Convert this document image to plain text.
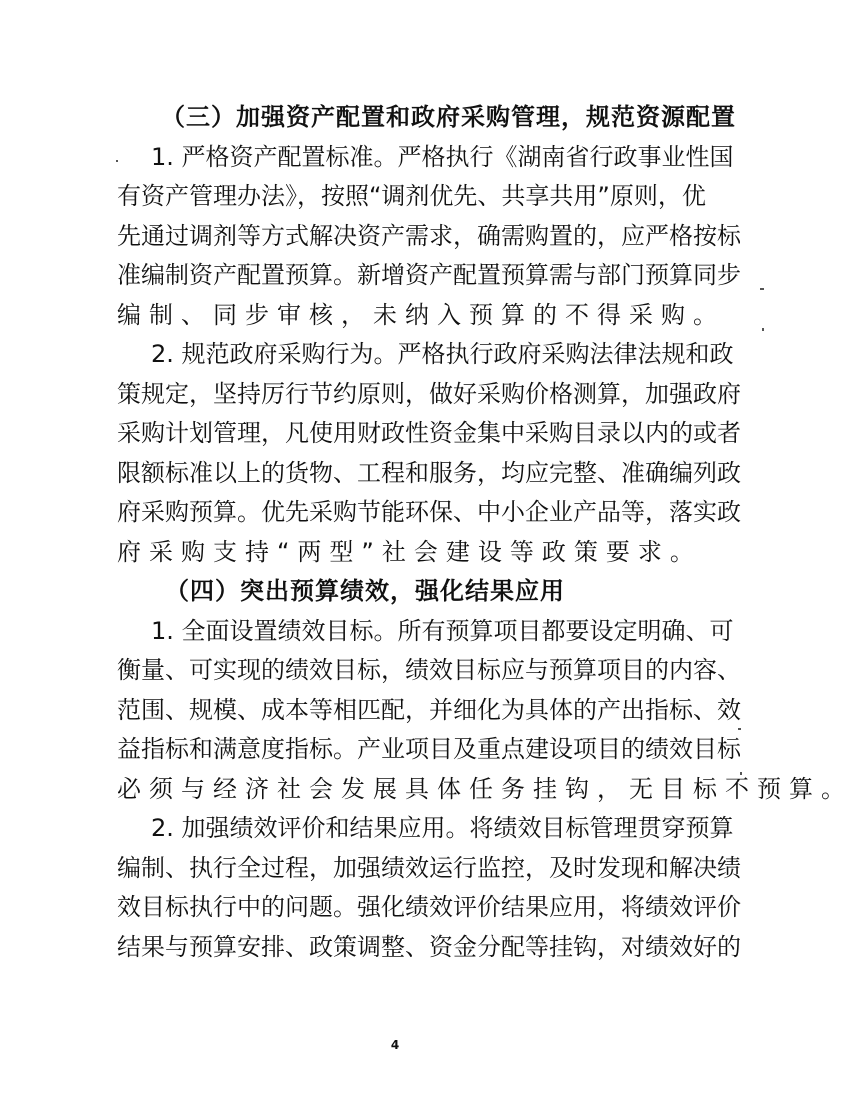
（三）加强资产配置和政府采购管理，规范资源配置
1. 严格资产配置标准。严格执行《湖南省行政事业性国
有资产管理办法》，按照“调剂优先、共享共用”原则，优
先通过调剂等方式解决资产需求，确需购置的，应严格按标
准编制资产配置预算。新增资产配置预算需与部门预算同步
编制、同步审核，未纳入预算的不得采购。
2. 规范政府采购行为。严格执行政府采购法律法规和政
策规定，坚持厉行节约原则，做好采购价格测算，加强政府
采购计划管理，凡使用财政性资金集中采购目录以内的或者
限额标准以上的货物、工程和服务，均应完整、准确编列政
府采购预算。优先采购节能环保、中小企业产品等，落实政
府采购支持“两型”社会建设等政策要求。
（四）突出预算绩效，强化结果应用
1. 全面设置绩效目标。所有预算项目都要设定明确、可
衡量、可实现的绩效目标，绩效目标应与预算项目的内容、
范围、规模、成本等相匹配，并细化为具体的产出指标、效
益指标和满意度指标。产业项目及重点建设项目的绩效目标
必须与经济社会发展具体任务挂钩，无目标不预算。
2. 加强绩效评价和结果应用。将绩效目标管理贯穿预算
编制、执行全过程，加强绩效运行监控，及时发现和解决绩
效目标执行中的问题。强化绩效评价结果应用，将绩效评价
结果与预算安排、政策调整、资金分配等挂钩，对绩效好的
4
